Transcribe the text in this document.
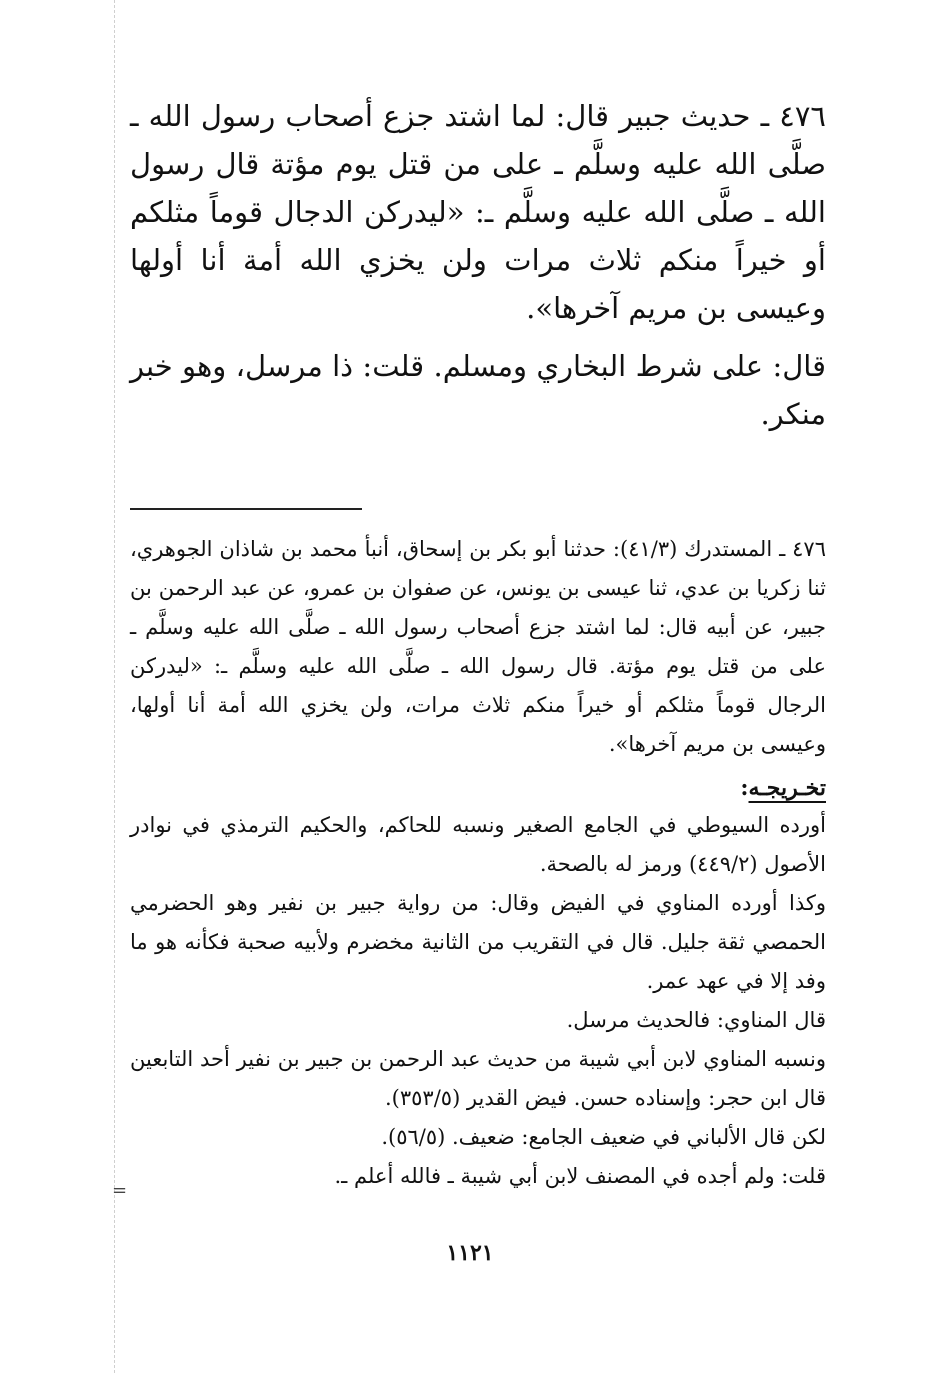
=

٤٧٦ ـ حديث جبير قال: لما اشتد جزع أصحاب رسول الله ـ صلَّى الله عليه وسلَّم ـ على من قتل يوم مؤتة قال رسول الله ـ صلَّى الله عليه وسلَّم ـ: «ليدركن الدجال قوماً مثلكم أو خيراً منكم ثلاث مرات ولن يخزي الله أمة أنا أولها وعيسى بن مريم آخرها».

قال: على شرط البخاري ومسلم. قلت: ذا مرسل، وهو خبر منكر.

٤٧٦ ـ المستدرك (٤١/٣): حدثنا أبو بكر بن إسحاق، أنبأ محمد بن شاذان الجوهري، ثنا زكريا بن عدي، ثنا عيسى بن يونس، عن صفوان بن عمرو، عن عبد الرحمن بن جبير، عن أبيه قال: لما اشتد جزع أصحاب رسول الله ـ صلَّى الله عليه وسلَّم ـ على من قتل يوم مؤتة. قال رسول الله ـ صلَّى الله عليه وسلَّم ـ: «ليدركن الرجال قوماً مثلكم أو خيراً منكم ثلاث مرات، ولن يخزي الله أمة أنا أولها، وعيسى بن مريم آخرها».

تخـريجـه:

أورده السيوطي في الجامع الصغير ونسبه للحاكم، والحكيم الترمذي في نوادر الأصول (٤٤٩/٢) ورمز له بالصحة.

وكذا أورده المناوي في الفيض وقال: من رواية جبير بن نفير وهو الحضرمي الحمصي ثقة جليل. قال في التقريب من الثانية مخضرم ولأبيه صحبة فكأنه هو ما وفد إلا في عهد عمر.

قال المناوي: فالحديث مرسل.

ونسبه المناوي لابن أبي شيبة من حديث عبد الرحمن بن جبير بن نفير أحد التابعين قال ابن حجر: وإسناده حسن. فيض القدير (٣٥٣/٥).

لكن قال الألباني في ضعيف الجامع: ضعيف. (٥٦/٥).

قلت: ولم أجده في المصنف لابن أبي شيبة ـ فالله أعلم ـ.

١١٢١
